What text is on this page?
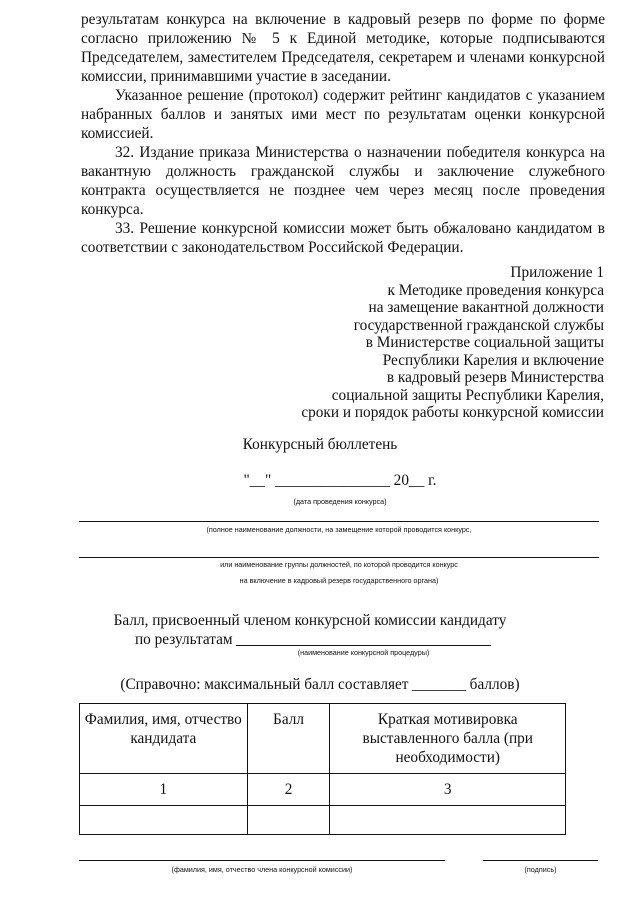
результатам конкурса на включение в кадровый резерв по форме по форме согласно приложению № 5 к Единой методике, которые подписываются Председателем, заместителем Председателя, секретарем и членами конкурсной комиссии, принимавшими участие в заседании.

Указанное решение (протокол) содержит рейтинг кандидатов с указанием набранных баллов и занятых ими мест по результатам оценки конкурсной комиссией.

32. Издание приказа Министерства о назначении победителя конкурса на вакантную должность гражданской службы и заключение служебного контракта осуществляется не позднее чем через месяц после проведения конкурса.

33. Решение конкурсной комиссии может быть обжаловано кандидатом в соответствии с законодательством Российской Федерации.

Приложение 1
к Методике проведения конкурса
на замещение вакантной должности
государственной гражданской службы
в Министерстве социальной защиты
Республики Карелия и включение
в кадровый резерв Министерства
социальной защиты Республики Карелия,
сроки и порядок работы конкурсной комиссии
Конкурсный бюллетень
"__" _______________ 20__ г.
(дата проведения конкурса)
(полное наименование должности, на замещение которой проводится конкурс,
или наименование группы должностей, по которой проводится конкурс
на включение в кадровый резерв государственного органа)
Балл, присвоенный членом конкурсной комиссии кандидату
по результатам
(наименование конкурсной процедуры)
(Справочно: максимальный балл составляет _______ баллов)
Фамилия, имя, отчество кандидата	Балл	Краткая мотивировка выставленного балла (при необходимости)
1	2	3

(фамилия, имя, отчество члена конкурсной комиссии)	(подпись)
